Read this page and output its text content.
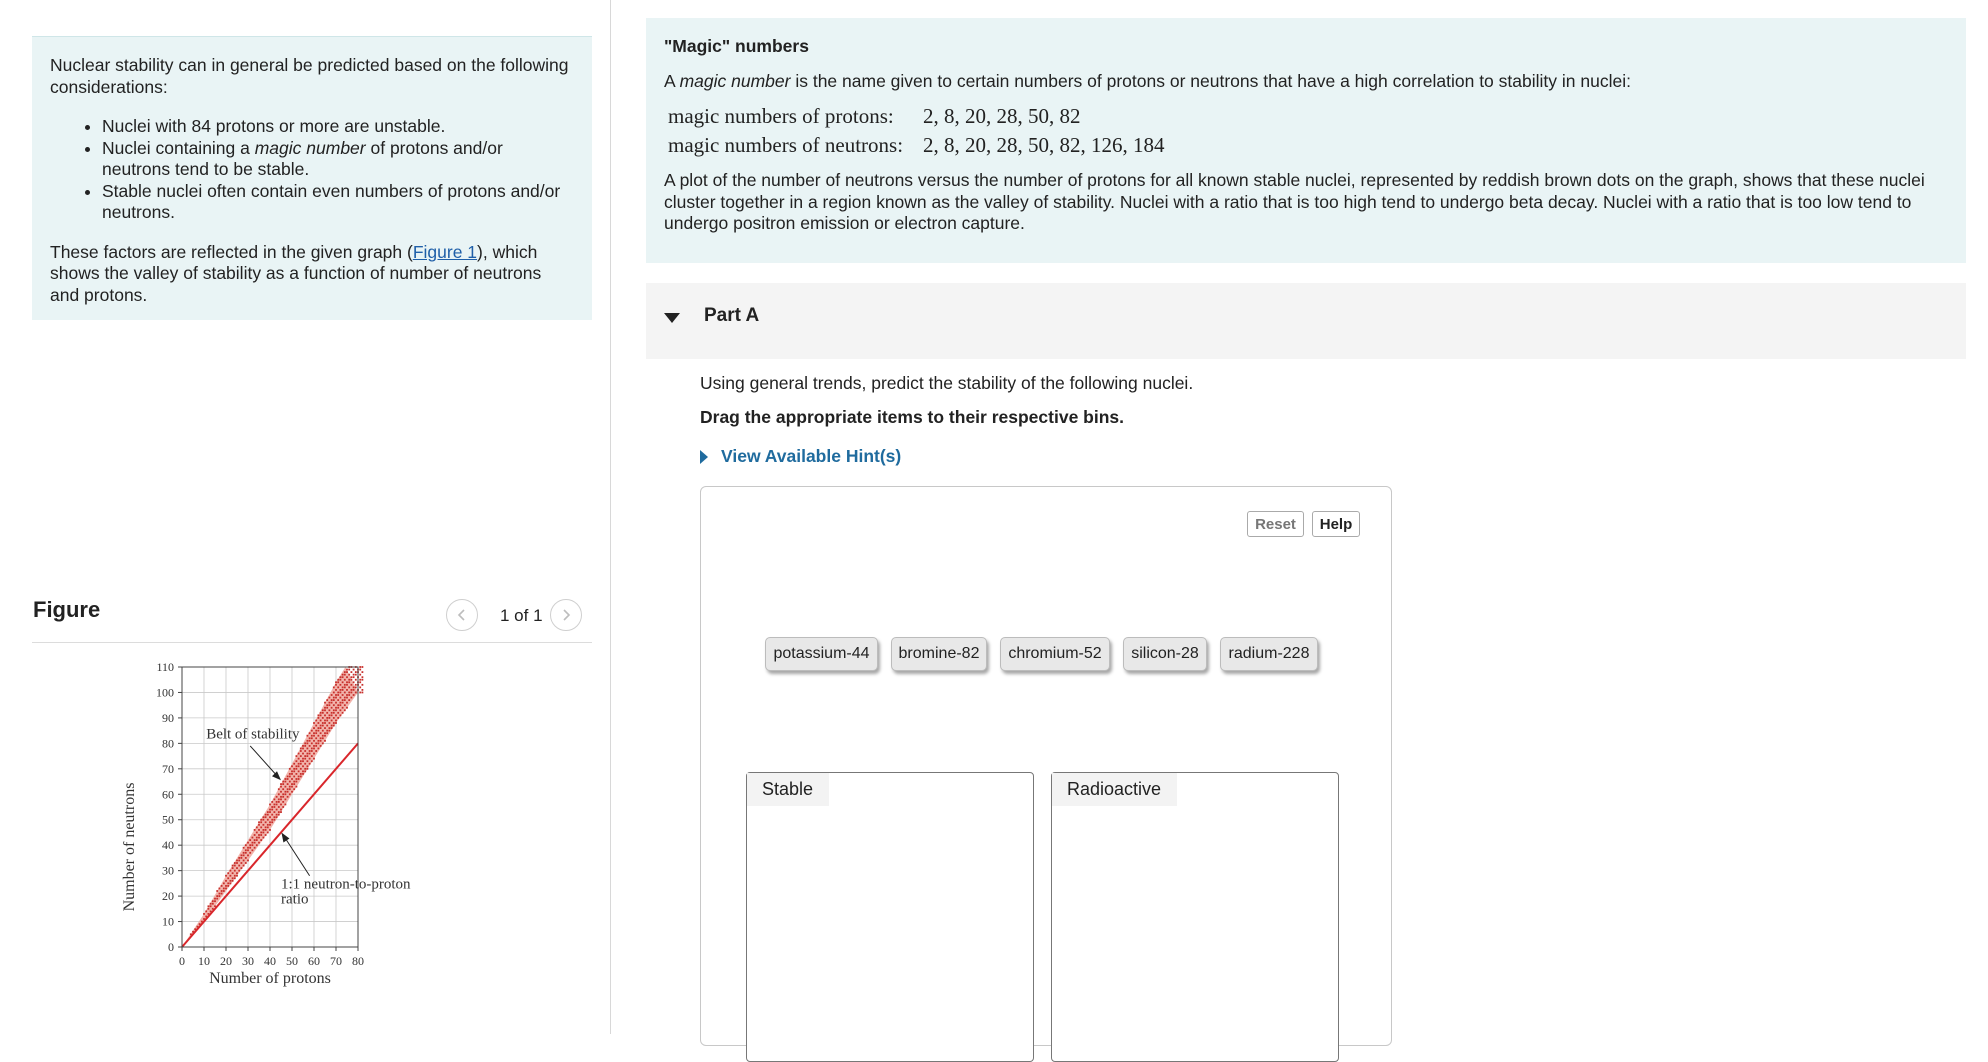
Nuclear stability can in general be predicted based on the following considerations:

• Nuclei with 84 protons or more are unstable.
• Nuclei containing a magic number of protons and/or neutrons tend to be stable.
• Stable nuclei often contain even numbers of protons and/or neutrons.

These factors are reflected in the given graph (Figure 1), which shows the valley of stability as a function of number of neutrons and protons.

Figure	1 of 1
0 10 20 30 40 50 60 70 80
0
10
20
30
40
50
60
70
80
90
100
110
Belt of stability
1:1 neutron-to-proton
ratio
Number of protons
Number of neutrons

"Magic" numbers

A magic number is the name given to certain numbers of protons or neutrons that have a high correlation to stability in nuclei:

magic numbers of protons:	2, 8, 20, 28, 50, 82
magic numbers of neutrons:	2, 8, 20, 28, 50, 82, 126, 184

A plot of the number of neutrons versus the number of protons for all known stable nuclei, represented by reddish brown dots on the graph, shows that these nuclei cluster together in a region known as the valley of stability. Nuclei with a ratio that is too high tend to undergo beta decay. Nuclei with a ratio that is too low tend to undergo positron emission or electron capture.

Part A
Using general trends, predict the stability of the following nuclei.
Drag the appropriate items to their respective bins.
View Available Hint(s)
Reset	Help
potassium-44	bromine-82	chromium-52	silicon-28	radium-228
Stable	Radioactive
